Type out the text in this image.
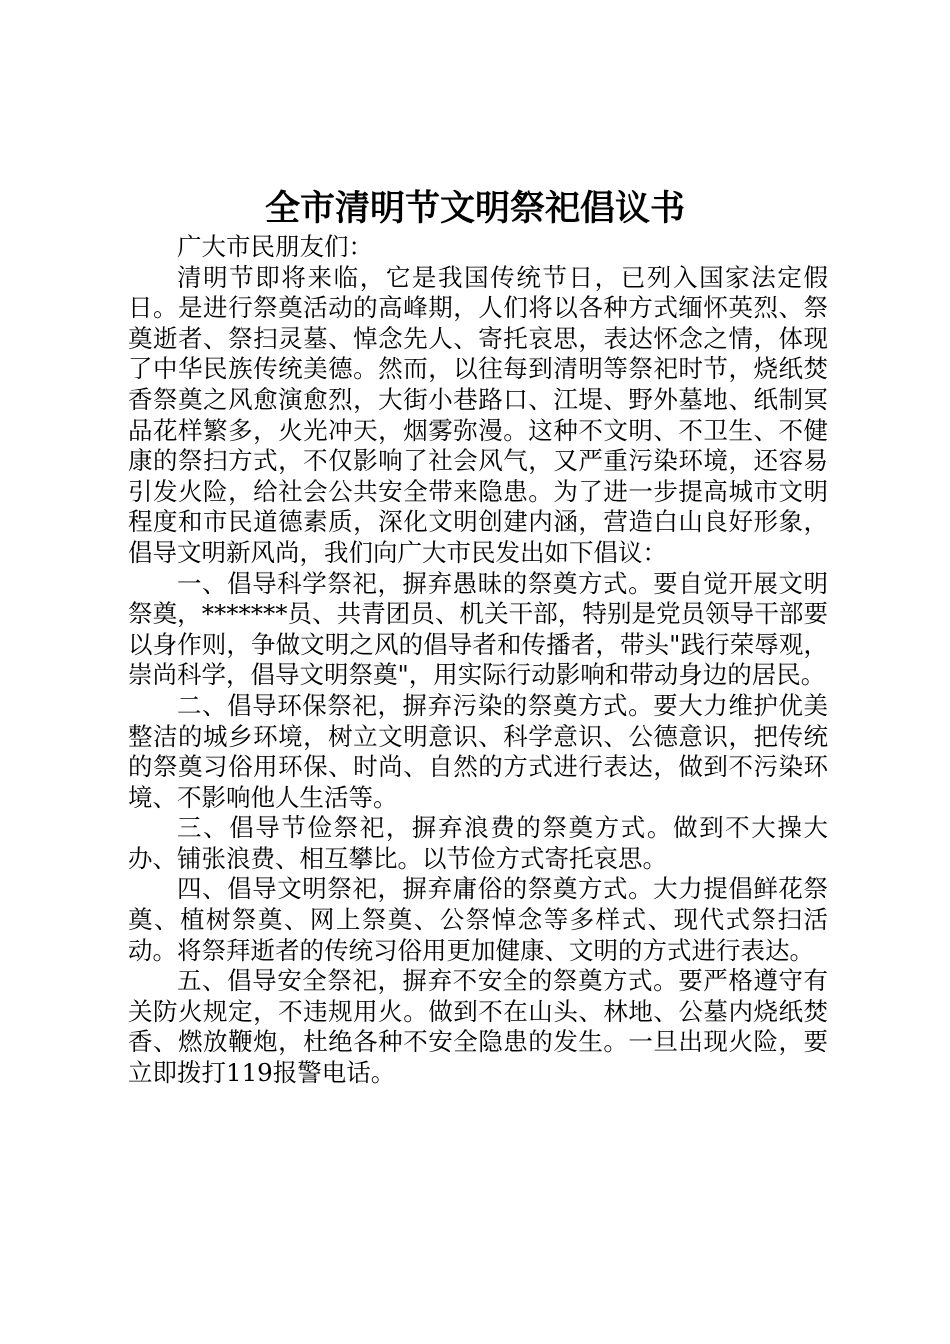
全市清明节文明祭祀倡议书

广大市民朋友们：

清明节即将来临，它是我国传统节日，已列入国家法定假日。是进行祭奠活动的高峰期，人们将以各种方式缅怀英烈、祭奠逝者、祭扫灵墓、悼念先人、寄托哀思，表达怀念之情，体现了中华民族传统美德。然而，以往每到清明等祭祀时节，烧纸焚香祭奠之风愈演愈烈，大街小巷路口、江堤、野外墓地、纸制冥品花样繁多，火光冲天，烟雾弥漫。这种不文明、不卫生、不健康的祭扫方式，不仅影响了社会风气，又严重污染环境，还容易引发火险，给社会公共安全带来隐患。为了进一步提高城市文明程度和市民道德素质，深化文明创建内涵，营造白山良好形象，倡导文明新风尚，我们向广大市民发出如下倡议：

一、倡导科学祭祀，摒弃愚昧的祭奠方式。要自觉开展文明祭奠，*******员、共青团员、机关干部，特别是党员领导干部要以身作则，争做文明之风的倡导者和传播者，带头"践行荣辱观，崇尚科学，倡导文明祭奠"，用实际行动影响和带动身边的居民。

二、倡导环保祭祀，摒弃污染的祭奠方式。要大力维护优美整洁的城乡环境，树立文明意识、科学意识、公德意识，把传统的祭奠习俗用环保、时尚、自然的方式进行表达，做到不污染环境、不影响他人生活等。

三、倡导节俭祭祀，摒弃浪费的祭奠方式。做到不大操大办、铺张浪费、相互攀比。以节俭方式寄托哀思。

四、倡导文明祭祀，摒弃庸俗的祭奠方式。大力提倡鲜花祭奠、植树祭奠、网上祭奠、公祭悼念等多样式、现代式祭扫活动。将祭拜逝者的传统习俗用更加健康、文明的方式进行表达。

五、倡导安全祭祀，摒弃不安全的祭奠方式。要严格遵守有关防火规定，不违规用火。做到不在山头、林地、公墓内烧纸焚香、燃放鞭炮，杜绝各种不安全隐患的发生。一旦出现火险，要立即拨打119报警电话。
